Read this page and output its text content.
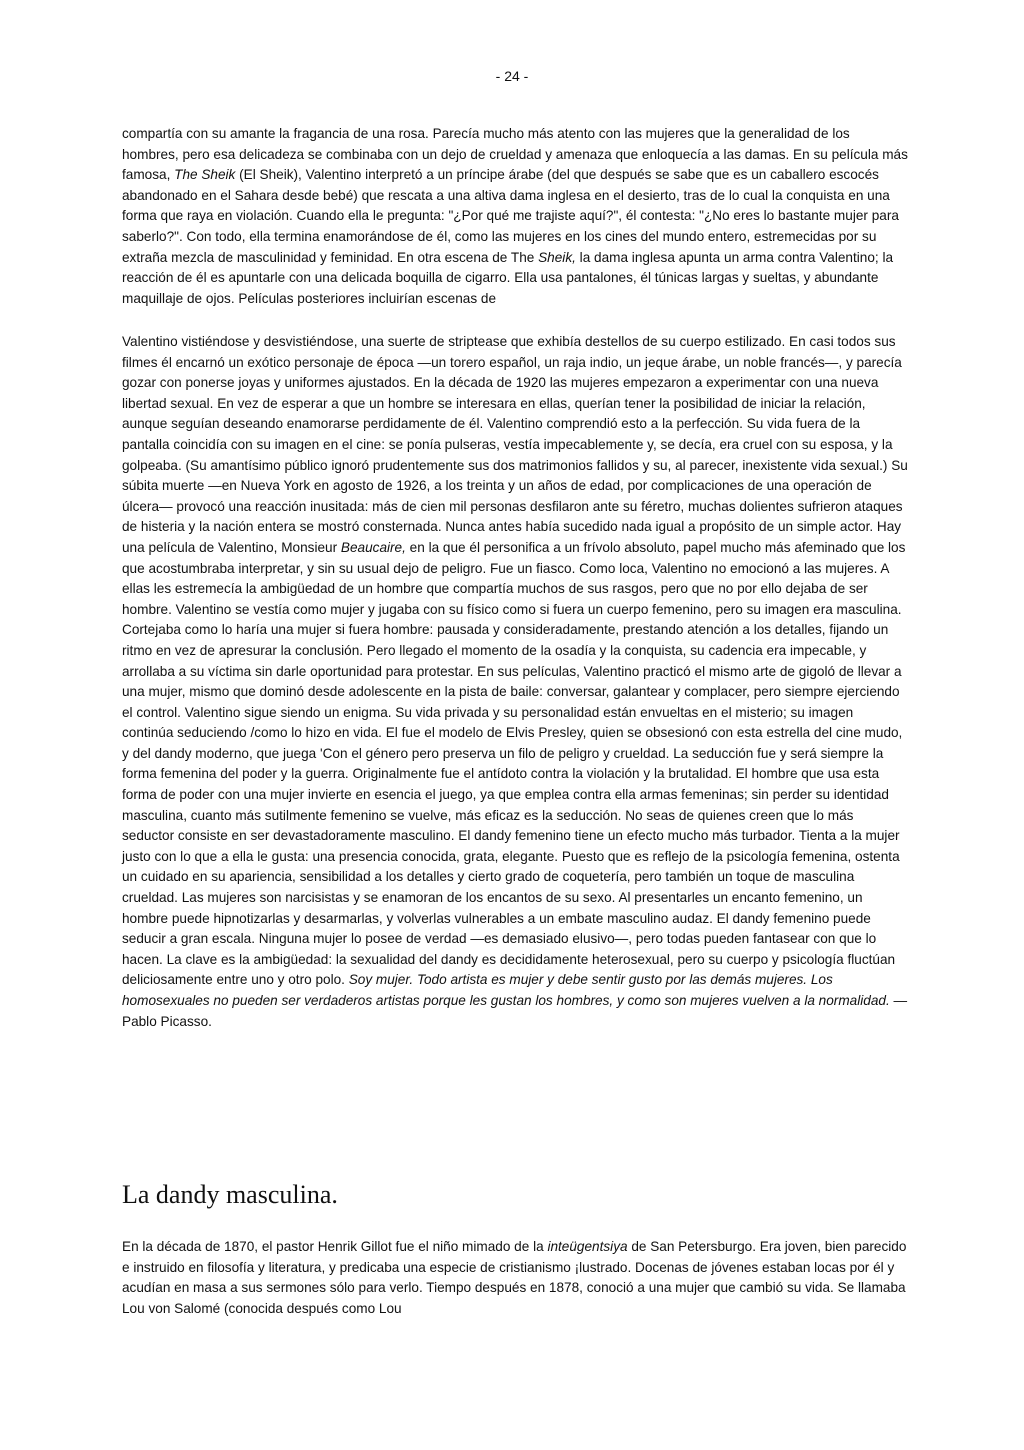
- 24 -

compartía con su amante la fragancia de una rosa. Parecía mucho más atento con las mujeres que la generalidad de los hombres, pero esa delicadeza se combinaba con un dejo de crueldad y amenaza que enloquecía a las damas. En su película más famosa, The Sheik (El Sheik), Valentino interpretó a un príncipe árabe (del que después se sabe que es un caballero escocés abandonado en el Sahara desde bebé) que rescata a una altiva dama inglesa en el desierto, tras de lo cual la conquista en una forma que raya en violación. Cuando ella le pregunta: "¿Por qué me trajiste aquí?", él contesta: "¿No eres lo bastante mujer para saberlo?". Con todo, ella termina enamorándose de él, como las mujeres en los cines del mundo entero, estremecidas por su extraña mezcla de masculinidad y feminidad. En otra escena de The Sheik, la dama inglesa apunta un arma contra Valentino; la reacción de él es apuntarle con una delicada boquilla de cigarro. Ella usa pantalones, él túnicas largas y sueltas, y abundante maquillaje de ojos. Películas posteriores incluirían escenas de

Valentino vistiéndose y desvistiéndose, una suerte de striptease que exhibía destellos de su cuerpo estilizado. En casi todos sus filmes él encarnó un exótico personaje de época —un torero español, un raja indio, un jeque árabe, un noble francés—, y parecía gozar con ponerse joyas y uniformes ajustados. En la década de 1920 las mujeres empezaron a experimentar con una nueva libertad sexual. En vez de esperar a que un hombre se interesara en ellas, querían tener la posibilidad de iniciar la relación, aunque seguían deseando enamorarse perdidamente de él. Valentino comprendió esto a la perfección. Su vida fuera de la pantalla coincidía con su imagen en el cine: se ponía pulseras, vestía impecablemente y, se decía, era cruel con su esposa, y la golpeaba. (Su amantísimo público ignoró prudentemente sus dos matrimonios fallidos y su, al parecer, inexistente vida sexual.) Su súbita muerte —en Nueva York en agosto de 1926, a los treinta y un años de edad, por complicaciones de una operación de úlcera— provocó una reacción inusitada: más de cien mil personas desfilaron ante su féretro, muchas dolientes sufrieron ataques de histeria y la nación entera se mostró consternada. Nunca antes había sucedido nada igual a propósito de un simple actor. Hay una película de Valentino, Monsieur Beaucaire, en la que él personifica a un frívolo absoluto, papel mucho más afeminado que los que acostumbraba interpretar, y sin su usual dejo de peligro. Fue un fiasco. Como loca, Valentino no emocionó a las mujeres. A ellas les estremecía la ambigüedad de un hombre que compartía muchos de sus rasgos, pero que no por ello dejaba de ser hombre. Valentino se vestía como mujer y jugaba con su físico como si fuera un cuerpo femenino, pero su imagen era masculina. Cortejaba como lo haría una mujer si fuera hombre: pausada y consideradamente, prestando atención a los detalles, fijando un ritmo en vez de apresurar la conclusión. Pero llegado el momento de la osadía y la conquista, su cadencia era impecable, y arrollaba a su víctima sin darle oportunidad para protestar. En sus películas, Valentino practicó el mismo arte de gigoló de llevar a una mujer, mismo que dominó desde adolescente en la pista de baile: conversar, galantear y complacer, pero siempre ejerciendo el control. Valentino sigue siendo un enigma. Su vida privada y su personalidad están envueltas en el misterio; su imagen continúa seduciendo /como lo hizo en vida. El fue el modelo de Elvis Presley, quien se obsesionó con esta estrella del cine mudo, y del dandy moderno, que juega 'Con el género pero preserva un filo de peligro y crueldad. La seducción fue y será siempre la forma femenina del poder y la guerra. Originalmente fue el antídoto contra la violación y la brutalidad. El hombre que usa esta forma de poder con una mujer invierte en esencia el juego, ya que emplea contra ella armas femeninas; sin perder su identidad masculina, cuanto más sutilmente femenino se vuelve, más eficaz es la seducción. No seas de quienes creen que lo más seductor consiste en ser devastadoramente masculino. El dandy femenino tiene un efecto mucho más turbador. Tienta a la mujer justo con lo que a ella le gusta: una presencia conocida, grata, elegante. Puesto que es reflejo de la psicología femenina, ostenta un cuidado en su apariencia, sensibilidad a los detalles y cierto grado de coquetería, pero también un toque de masculina crueldad. Las mujeres son narcisistas y se enamoran de los encantos de su sexo. Al presentarles un encanto femenino, un hombre puede hipnotizarlas y desarmarlas, y volverlas vulnerables a un embate masculino audaz. El dandy femenino puede seducir a gran escala. Ninguna mujer lo posee de verdad —es demasiado elusivo—, pero todas pueden fantasear con que lo hacen. La clave es la ambigüedad: la sexualidad del dandy es decididamente heterosexual, pero su cuerpo y psicología fluctúan deliciosamente entre uno y otro polo. Soy mujer. Todo artista es mujer y debe sentir gusto por las demás mujeres. Los homosexuales no pueden ser verdaderos artistas porque les gustan los hombres, y como son mujeres vuelven a la normalidad. —Pablo Picasso.

La dandy masculina.

En la década de 1870, el pastor Henrik Gillot fue el niño mimado de la inteügentsiya de San Petersburgo. Era joven, bien parecido e instruido en filosofía y literatura, y predicaba una especie de cristianismo ¡lustrado. Docenas de jóvenes estaban locas por él y acudían en masa a sus sermones sólo para verlo. Tiempo después en 1878, conoció a una mujer que cambió su vida. Se llamaba Lou von Salomé (conocida después como Lou
